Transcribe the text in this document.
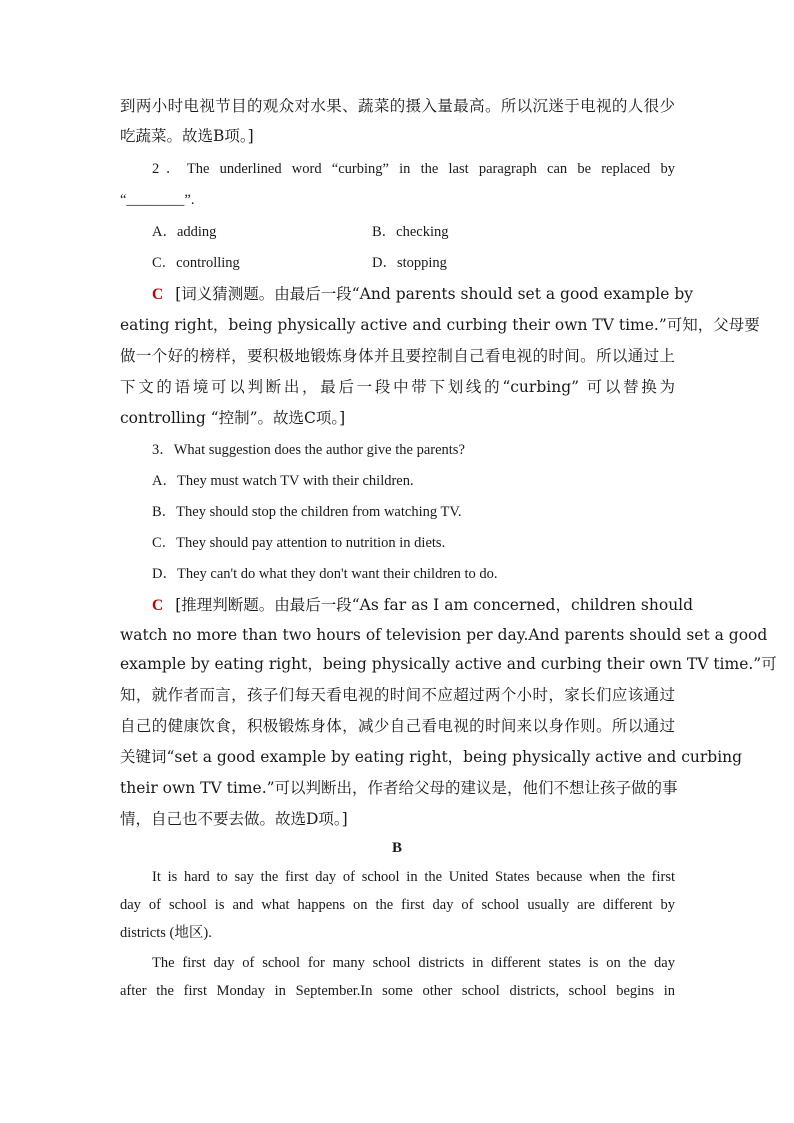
到两小时电视节目的观众对水果、蔬菜的摄入量最高。所以沉迷于电视的人很少
吃蔬菜。故选B项。]
2．The underlined word “curbing” in the last paragraph can be replaced by
“________”.
A．adding	B．checking
C．controlling	D．stopping
C [词义猜测题。由最后一段“And parents should set a good example by
eating right，being physically active and curbing their own TV time.”可知，父母要
做一个好的榜样，要积极地锻炼身体并且要控制自己看电视的时间。所以通过上
下文的语境可以判断出，最后一段中带下划线的“curbing” 可以替换为
controlling “控制”。故选C项。]
3．What suggestion does the author give the parents?
A．They must watch TV with their children.
B．They should stop the children from watching TV.
C．They should pay attention to nutrition in diets.
D．They can't do what they don't want their children to do.
C [推理判断题。由最后一段“As far as I am concerned，children should
watch no more than two hours of television per day.And parents should set a good
example by eating right，being physically active and curbing their own TV time.”可
知，就作者而言，孩子们每天看电视的时间不应超过两个小时，家长们应该通过
自己的健康饮食，积极锻炼身体，减少自己看电视的时间来以身作则。所以通过
关键词“set a good example by eating right，being physically active and curbing
their own TV time.”可以判断出，作者给父母的建议是，他们不想让孩子做的事
情，自己也不要去做。故选D项。]
B
It is hard to say the first day of school in the United States because when the first
day of school is and what happens on the first day of school usually are different by
districts (地区).
The first day of school for many school districts in different states is on the day
after the first Monday in September.In some other school districts, school begins in
